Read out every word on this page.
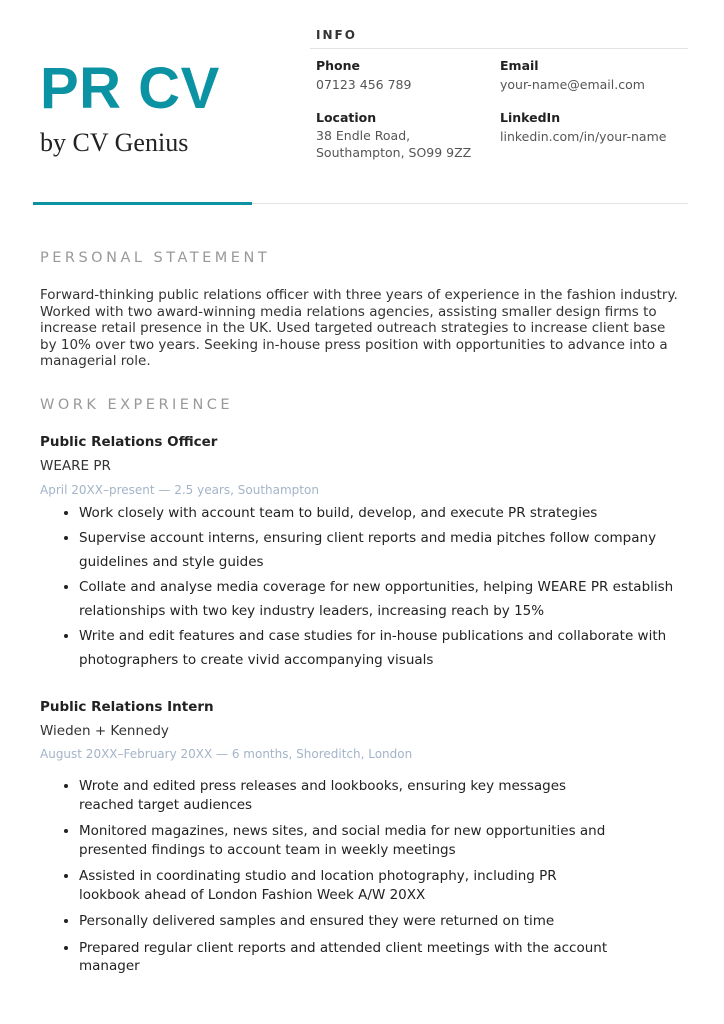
PR CV
by CV Genius
INFO
Phone
07123 456 789
Email
your-name@email.com
Location
38 Endle Road,
Southampton, SO99 9ZZ
LinkedIn
linkedin.com/in/your-name
PERSONAL STATEMENT

Forward-thinking public relations officer with three years of experience in the fashion industry. Worked with two award-winning media relations agencies, assisting smaller design firms to increase retail presence in the UK. Used targeted outreach strategies to increase client base by 10% over two years. Seeking in-house press position with opportunities to advance into a managerial role.

WORK EXPERIENCE
Public Relations Officer
WEARE PR
April 20XX–present — 2.5 years, Southampton
• Work closely with account team to build, develop, and execute PR strategies
• Supervise account interns, ensuring client reports and media pitches follow company guidelines and style guides
• Collate and analyse media coverage for new opportunities, helping WEARE PR establish relationships with two key industry leaders, increasing reach by 15%
• Write and edit features and case studies for in-house publications and collaborate with photographers to create vivid accompanying visuals
Public Relations Intern
Wieden + Kennedy
August 20XX–February 20XX — 6 months, Shoreditch, London
• Wrote and edited press releases and lookbooks, ensuring key messages reached target audiences
• Monitored magazines, news sites, and social media for new opportunities and presented findings to account team in weekly meetings
• Assisted in coordinating studio and location photography, including PR lookbook ahead of London Fashion Week A/W 20XX
• Personally delivered samples and ensured they were returned on time
• Prepared regular client reports and attended client meetings with the account manager
